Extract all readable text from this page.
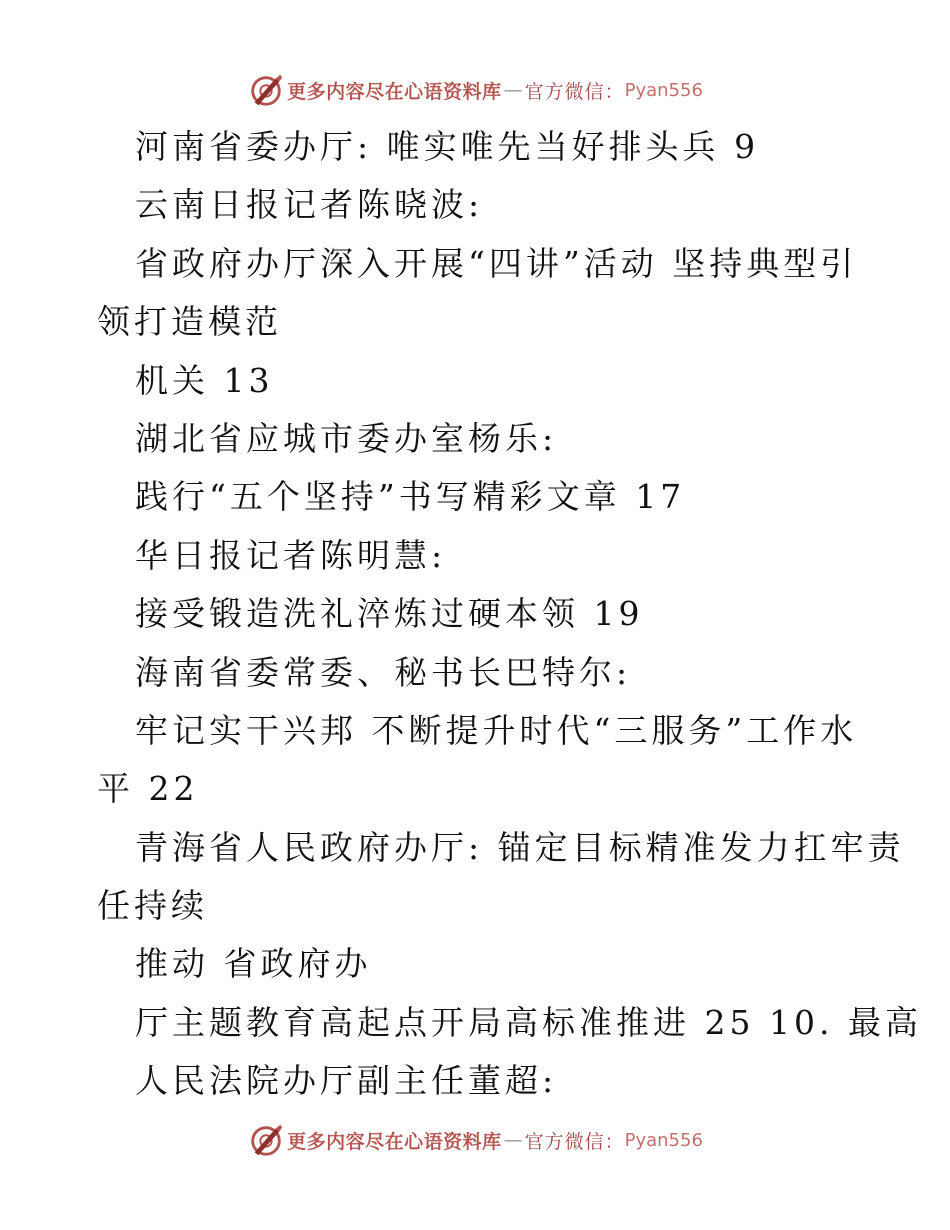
更多内容尽在心语资料库 — 官方微信： Pyan556
河南省委办厅: 唯实唯先当好排头兵 9
云南日报记者陈晓波:
省政府办厅深入开展“四讲”活动 坚持典型引
领打造模范
机关 13
湖北省应城市委办室杨乐:
践行“五个坚持”书写精彩文章 17
华日报记者陈明慧:
接受锻造洗礼淬炼过硬本领 19
海南省委常委、秘书长巴特尔:
牢记实干兴邦 不断提升时代“三服务”工作水
平 22
青海省人民政府办厅: 锚定目标精准发力扛牢责
任持续
推动 省政府办
厅主题教育高起点开局高标准推进 25 10. 最高
人民法院办厅副主任董超:
更多内容尽在心语资料库 — 官方微信： Pyan556
